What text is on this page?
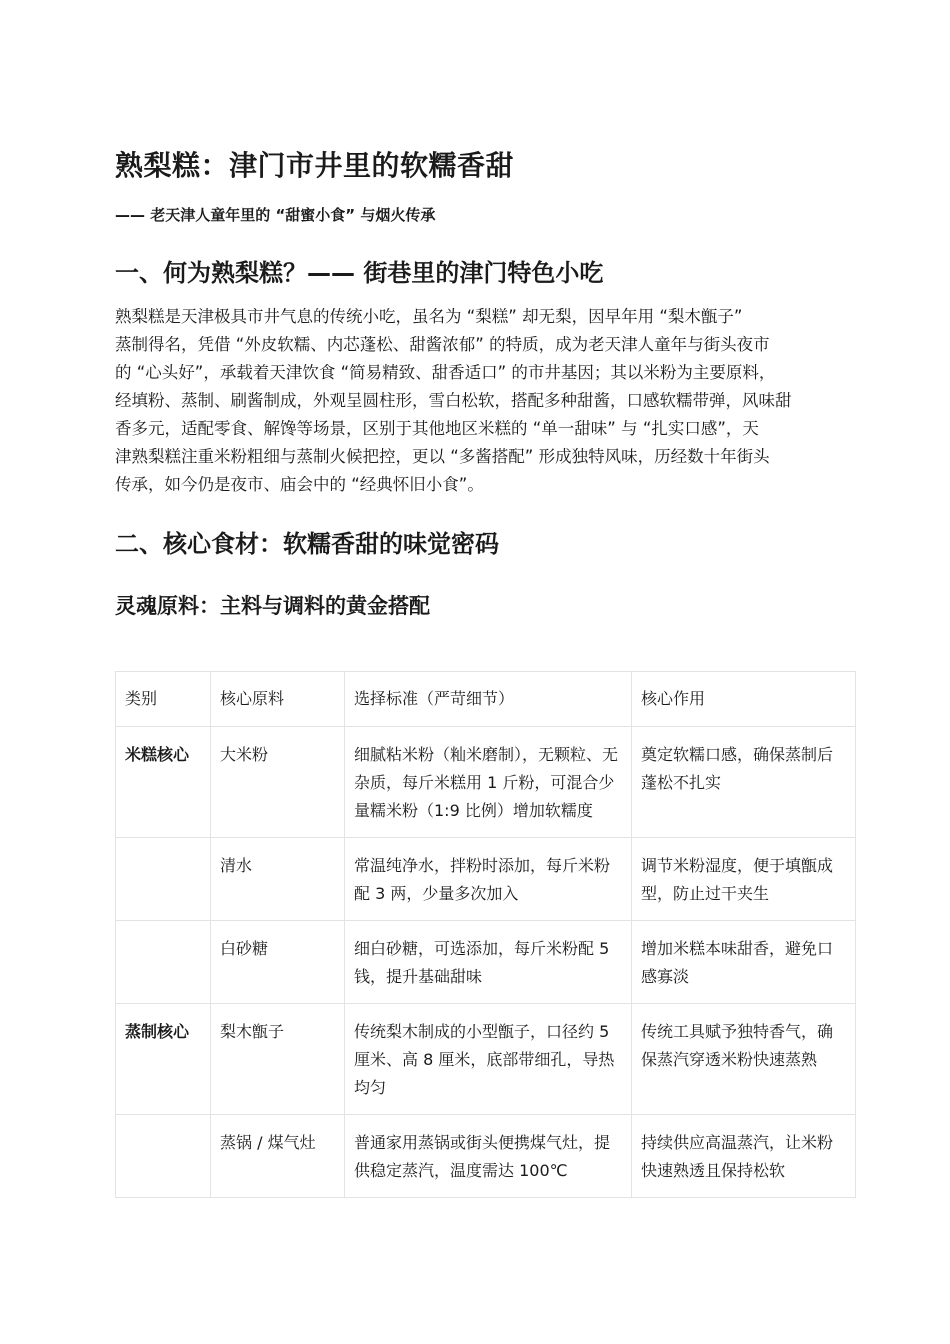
熟梨糕：津门市井里的软糯香甜

—— 老天津人童年里的 “甜蜜小食” 与烟火传承

一、何为熟梨糕？—— 街巷里的津门特色小吃

熟梨糕是天津极具市井气息的传统小吃，虽名为 “梨糕” 却无梨，因早年用 “梨木甑子”
蒸制得名，凭借 “外皮软糯、内芯蓬松、甜酱浓郁” 的特质，成为老天津人童年与街头夜市
的 “心头好”，承载着天津饮食 “简易精致、甜香适口” 的市井基因；其以米粉为主要原料，
经填粉、蒸制、刷酱制成，外观呈圆柱形，雪白松软，搭配多种甜酱，口感软糯带弹，风味甜
香多元，适配零食、解馋等场景，区别于其他地区米糕的 “单一甜味” 与 “扎实口感”，天
津熟梨糕注重米粉粗细与蒸制火候把控，更以 “多酱搭配” 形成独特风味，历经数十年街头
传承，如今仍是夜市、庙会中的 “经典怀旧小食”。

二、核心食材：软糯香甜的味觉密码
灵魂原料：主料与调料的黄金搭配
类别	核心原料	选择标准（严苛细节）	核心作用
米糕核心	大米粉	细腻粘米粉（籼米磨制），无颗粒、无杂质，每斤米糕用 1 斤粉，可混合少量糯米粉（1:9 比例）增加软糯度	奠定软糯口感，确保蒸制后蓬松不扎实
	清水	常温纯净水，拌粉时添加，每斤米粉配 3 两，少量多次加入	调节米粉湿度，便于填甑成型，防止过干夹生
	白砂糖	细白砂糖，可选添加，每斤米粉配 5 钱，提升基础甜味	增加米糕本味甜香，避免口感寡淡
蒸制核心	梨木甑子	传统梨木制成的小型甑子，口径约 5 厘米、高 8 厘米，底部带细孔，导热均匀	传统工具赋予独特香气，确保蒸汽穿透米粉快速蒸熟
	蒸锅 / 煤气灶	普通家用蒸锅或街头便携煤气灶，提供稳定蒸汽，温度需达 100℃	持续供应高温蒸汽，让米粉快速熟透且保持松软
